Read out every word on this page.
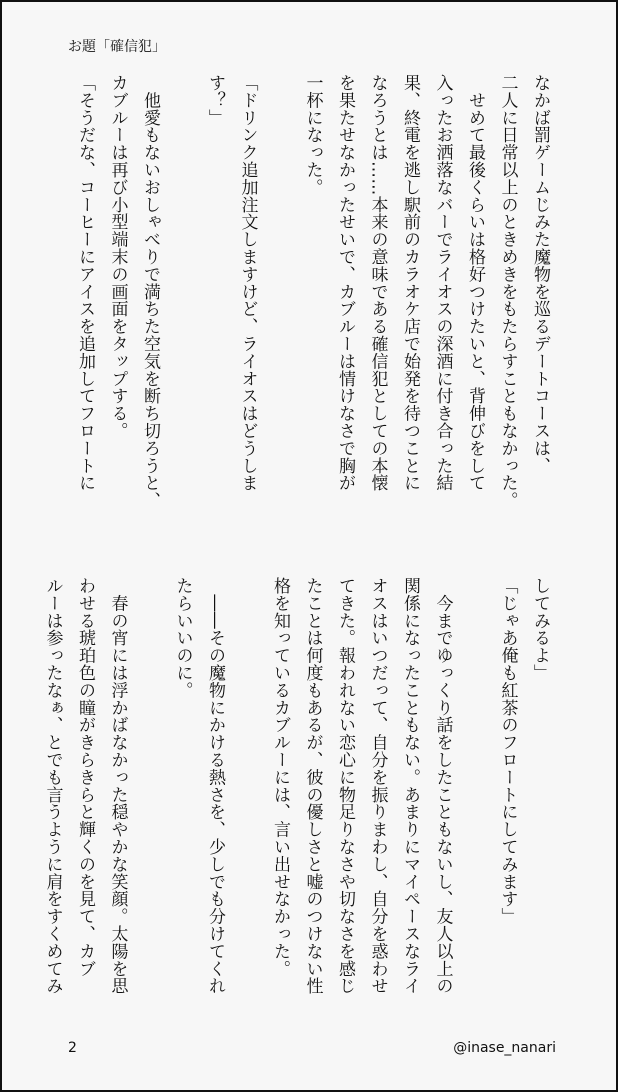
お題「確信犯」
なかば罰ゲームじみた魔物を巡るデートコースは、
二人に日常以上のときめきをもたらすこともなかった。
　せめて最後くらいは格好つけたいと、背伸びをして
入ったお洒落なバーでライオスの深酒に付き合った結
果、終電を逃し駅前のカラオケ店で始発を待つことに
なろうとは……本来の意味である確信犯としての本懐
を果たせなかったせいで、カブルーは情けなさで胸が
一杯になった。

「ドリンク追加注文しますけど、ライオスはどうしま
す？」

　他愛もないおしゃべりで満ちた空気を断ち切ろうと、
カブルーは再び小型端末の画面をタップする。
「そうだな、コーヒーにアイスを追加してフロートに
してみるよ」
「じゃあ俺も紅茶のフロートにしてみます」

　今までゆっくり話をしたこともないし、友人以上の
関係になったこともない。あまりにマイペースなライ
オスはいつだって、自分を振りまわし、自分を惑わせ
てきた。報われない恋心に物足りなさや切なさを感じ
たことは何度もあるが、彼の優しさと嘘のつけない性
格を知っているカブルーには、言い出せなかった。

　――その魔物にかける熱さを、少しでも分けてくれ
たらいいのに。

　春の宵には浮かばなかった穏やかな笑顔。太陽を思
わせる琥珀色の瞳がきらきらと輝くのを見て、カブ
ルーは参ったなぁ、とでも言うように肩をすくめてみ
2	@inase_nanari
